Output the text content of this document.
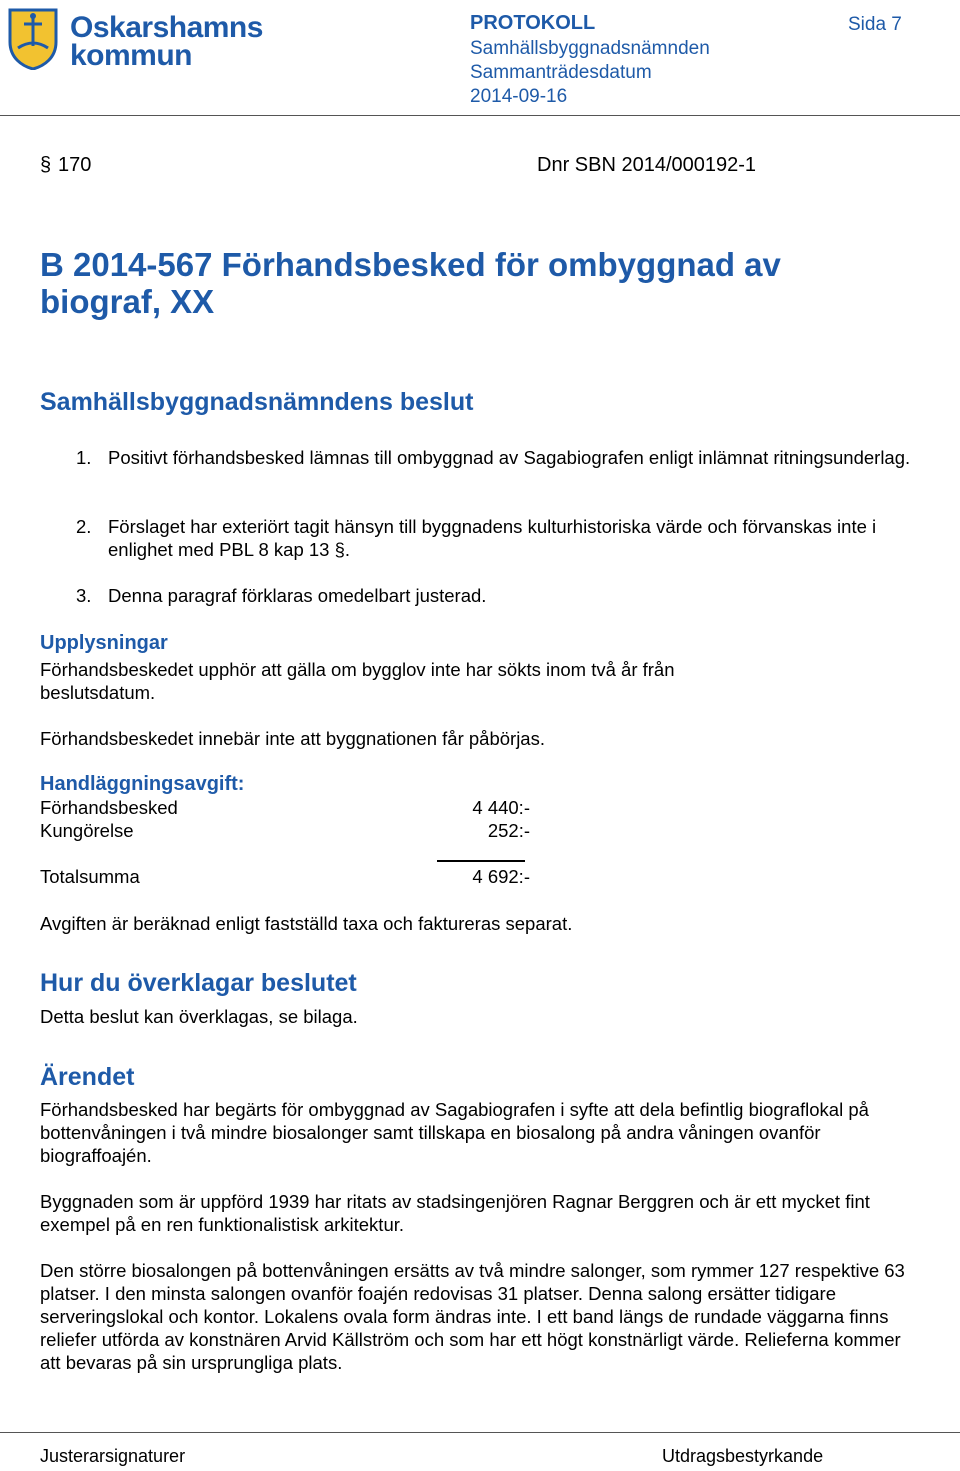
Oskarshamns
kommun
PROTOKOLL	Sida 7
Samhällsbyggnadsnämnden
Sammanträdesdatum
2014-09-16
§ 170	Dnr SBN 2014/000192-1
B 2014-567 Förhandsbesked för ombyggnad av biograf, XX
Samhällsbyggnadsnämndens beslut
1. Positivt förhandsbesked lämnas till ombyggnad av Sagabiografen enligt inlämnat ritningsunderlag.
2. Förslaget har exteriört tagit hänsyn till byggnadens kulturhistoriska värde och förvanskas inte i enlighet med PBL 8 kap 13 §.
3. Denna paragraf förklaras omedelbart justerad.
Upplysningar
Förhandsbeskedet upphör att gälla om bygglov inte har sökts inom två år från beslutsdatum.
Förhandsbeskedet innebär inte att byggnationen får påbörjas.
Handläggningsavgift:
Förhandsbesked	4 440:-
Kungörelse	252:-
Totalsumma	4 692:-
Avgiften är beräknad enligt fastställd taxa och faktureras separat.
Hur du överklagar beslutet
Detta beslut kan överklagas, se bilaga.
Ärendet
Förhandsbesked har begärts för ombyggnad av Sagabiografen i syfte att dela befintlig biograflokal på bottenvåningen i två mindre biosalonger samt tillskapa en biosalong på andra våningen ovanför biograffoajén.
Byggnaden som är uppförd 1939 har ritats av stadsingenjören Ragnar Berggren och är ett mycket fint exempel på en ren funktionalistisk arkitektur.
Den större biosalongen på bottenvåningen ersätts av två mindre salonger, som rymmer 127 respektive 63 platser. I den minsta salongen ovanför foajén redovisas 31 platser. Denna salong ersätter tidigare serveringslokal och kontor. Lokalens ovala form ändras inte. I ett band längs de rundade väggarna finns reliefer utförda av konstnären Arvid Källström och som har ett högt konstnärligt värde. Relieferna kommer att bevaras på sin ursprungliga plats.
Justerarsignaturer	Utdragsbestyrkande
